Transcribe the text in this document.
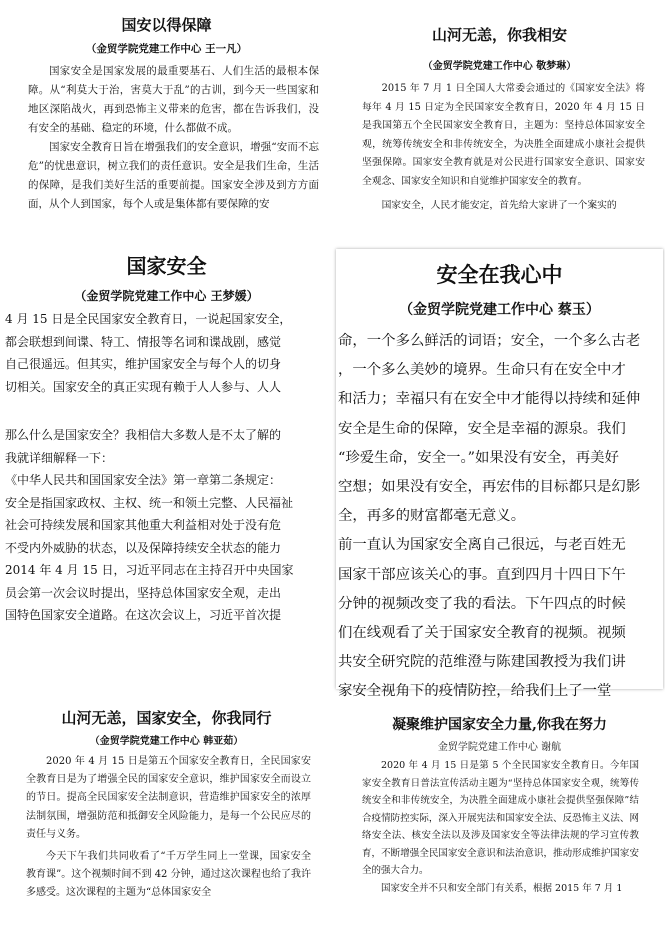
国安以得保障
（金贸学院党建工作中心 王一凡）

国家安全是国家发展的最重要基石、人们生活的最根本保障。从“利莫大于治，害莫大于乱”的古训，到今天一些国家和地区深陷战火，再到恐怖主义带来的危害，都在告诉我们，没有安全的基础、稳定的环境，什么都做不成。

国家安全教育日旨在增强我们的安全意识，增强“安而不忘危”的忧患意识，树立我们的责任意识。安全是我们生命，生活的保障，是我们美好生活的重要前提。国家安全涉及到方方面面，从个人到国家，每个人或是集体都有要保障的安

山河无恙，你我相安
（金贸学院党建工作中心 敬梦琳）

2015 年 7 月 1 日全国人大常委会通过的《国家安全法》将每年 4 月 15 日定为全民国家安全教育日，2020 年 4 月 15 日是我国第五个全民国家安全教育日，主题为：坚持总体国家安全观，统筹传统安全和非传统安全，为决胜全面建成小康社会提供坚强保障。国家安全教育就是对公民进行国家安全意识、国家安全观念、国家安全知识和自觉维护国家安全的教育。

国家安全，人民才能安定，首先给大家讲了一个案实的

国家安全
（金贸学院党建工作中心 王梦媛）

4 月 15 日是全民国家安全教育日，一说起国家安全，

都会联想到间谍、特工、情报等名词和谍战剧，感觉

自己很遥远。但其实，维护国家安全与每个人的切身

切相关。国家安全的真正实现有赖于人人参与、人人

那么什么是国家安全？我相信大多数人是不太了解的

我就详细解释一下：

《中华人民共和国国家安全法》第一章第二条规定：

安全是指国家政权、主权、统一和领土完整、人民福祉

社会可持续发展和国家其他重大利益相对处于没有危

不受内外威胁的状态，以及保障持续安全状态的能力

2014 年 4 月 15 日，习近平同志在主持召开中央国家

员会第一次会议时提出，坚持总体国家安全观，走出

国特色国家安全道路。在这次会议上，习近平首次提

安全在我心中
（金贸学院党建工作中心 蔡玉）

命，一个多么鲜活的词语；安全，一个多么古老

，一个多么美妙的境界。生命只有在安全中才

和活力；幸福只有在安全中才能得以持续和延伸

安全是生命的保障，安全是幸福的源泉。我们

“珍爱生命，安全一。”如果没有安全，再美好

空想；如果没有安全，再宏伟的目标都只是幻影

全，再多的财富都毫无意义。

前一直认为国家安全离自己很远，与老百姓无

国家干部应该关心的事。直到四月十四日下午

分钟的视频改变了我的看法。下午四点的时候

们在线观看了关于国家安全教育的视频。视频

共安全研究院的范维澄与陈建国教授为我们讲

家安全视角下的疫情防控，给我们上了一堂

山河无恙，国家安全，你我同行
（金贸学院党建工作中心 韩亚茹）

2020 年 4 月 15 日是第五个国家安全教育日，全民国家安全教育日是为了增强全民的国家安全意识，维护国家安全而设立的节日。提高全民国家安全法制意识，营造维护国家安全的浓厚法制氛围，增强防范和抵御安全风险能力，是每一个公民应尽的责任与义务。

今天下午我们共同收看了“千万学生同上一堂课，国家安全教育课”。这个视频时间不到 42 分钟，通过这次课程也给了我许多感受。这次课程的主题为“总体国家安全

凝聚维护国家安全力量,你我在努力
金贸学院党建工作中心 谢航

2020 年 4 月 15 日是第 5 个全民国家安全教育日。今年国家安全教育日普法宣传活动主题为“坚持总体国家安全观，统筹传统安全和非传统安全，为决胜全面建成小康社会提供坚强保障”结合疫情防控实际，深入开展宪法和国家安全法、反恐怖主义法、网络安全法、核安全法以及涉及国家安全等法律法规的学习宣传教育，不断增强全民国家安全意识和法治意识，推动形成维护国家安全的强大合力。

国家安全并不只和安全部门有关系，根据 2015 年 7 月 1
